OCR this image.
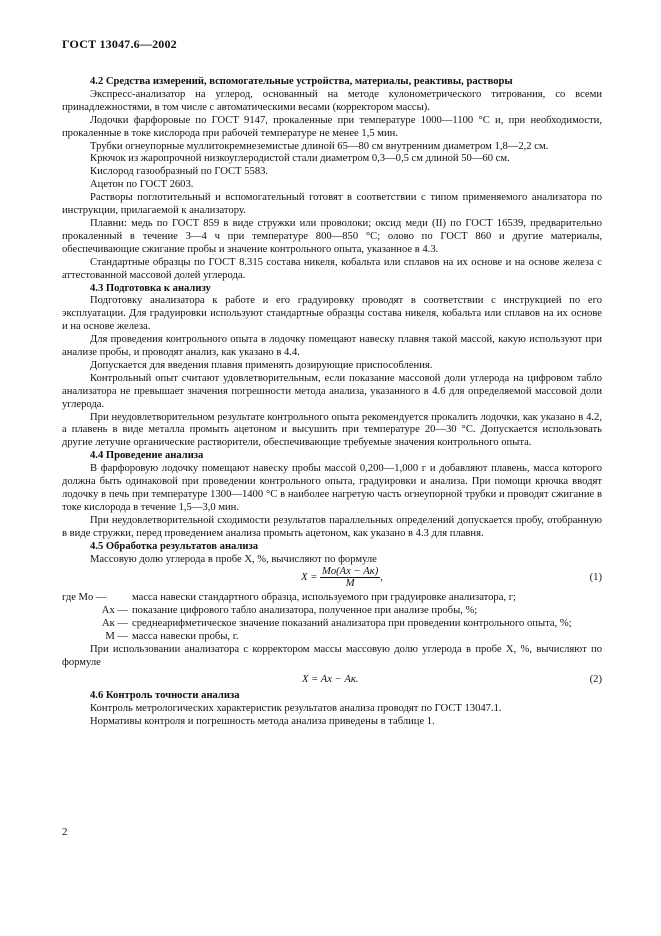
ГОСТ 13047.6—2002

4.2 Средства измерений, вспомогательные устройства, материалы, реактивы, растворы

Экспресс-анализатор на углерод, основанный на методе кулонометрического титрования, со всеми принадлежностями, в том числе с автоматическими весами (корректором массы).

Лодочки фарфоровые по ГОСТ 9147, прокаленные при температуре 1000—1100 °С и, при необходимости, прокаленные в токе кислорода при рабочей температуре не менее 1,5 мин.

Трубки огнеупорные муллитокремнеземистые длиной 65—80 см внутренним диаметром 1,8—2,2 см.

Крючок из жаропрочной низкоуглеродистой стали диаметром 0,3—0,5 см длиной 50—60 см.

Кислород газообразный по ГОСТ 5583.

Ацетон по ГОСТ 2603.

Растворы поглотительный и вспомогательный готовят в соответствии с типом применяемого анализатора по инструкции, прилагаемой к анализатору.

Плавни: медь по ГОСТ 859 в виде стружки или проволоки; оксид меди (II) по ГОСТ 16539, предварительно прокаленный в течение 3—4 ч при температуре 800—850 °С; олово по ГОСТ 860 и другие материалы, обеспечивающие сжигание пробы и значение контрольного опыта, указанное в 4.3.

Стандартные образцы по ГОСТ 8.315 состава никеля, кобальта или сплавов на их основе и на основе железа с аттестованной массовой долей углерода.

4.3 Подготовка к анализу

Подготовку анализатора к работе и его градуировку проводят в соответствии с инструкцией по его эксплуатации. Для градуировки используют стандартные образцы состава никеля, кобальта или сплавов на их основе и на основе железа.

Для проведения контрольного опыта в лодочку помещают навеску плавня такой массой, какую используют при анализе пробы, и проводят анализ, как указано в 4.4.

Допускается для введения плавня применять дозирующие приспособления.

Контрольный опыт считают удовлетворительным, если показание массовой доли углерода на цифровом табло анализатора не превышает значения погрешности метода анализа, указанного в 4.6 для определяемой массовой доли углерода.

При неудовлетворительном результате контрольного опыта рекомендуется прокалить лодочки, как указано в 4.2, а плавень в виде металла промыть ацетоном и высушить при температуре 20—30 °С. Допускается использовать другие летучие органические растворители, обеспечивающие требуемые значения контрольного опыта.

4.4 Проведение анализа

В фарфоровую лодочку помещают навеску пробы массой 0,200—1,000 г и добавляют плавень, масса которого должна быть одинаковой при проведении контрольного опыта, градуировки и анализа. При помощи крючка вводят лодочку в печь при температуре 1300—1400 °С в наиболее нагретую часть огнеупорной трубки и проводят сжигание в токе кислорода в течение 1,5—3,0 мин.

При неудовлетворительной сходимости результатов параллельных определений допускается пробу, отобранную в виде стружки, перед проведением анализа промыть ацетоном, как указано в 4.3 для плавня.

4.5 Обработка результатов анализа

Массовую долю углерода в пробе X, %, вычисляют по формуле

$X = \frac{Mо(Aх - Aк)}{M}$ ,	(1)
где Mо —	масса навески стандартного образца, используемого при градуировке анализатора, г;
Aх — показание цифрового табло анализатора, полученное при анализе пробы, %;
Aк — среднеарифметическое значение показаний анализатора при проведении контрольного опыта, %;
M — масса навески пробы, г.

При использовании анализатора с корректором массы массовую долю углерода в пробе X, %, вычисляют по формуле

X = Aх − Aк.	(2)

4.6 Контроль точности анализа

Контроль метрологических характеристик результатов анализа проводят по ГОСТ 13047.1.

Нормативы контроля и погрешность метода анализа приведены в таблице 1.

2
